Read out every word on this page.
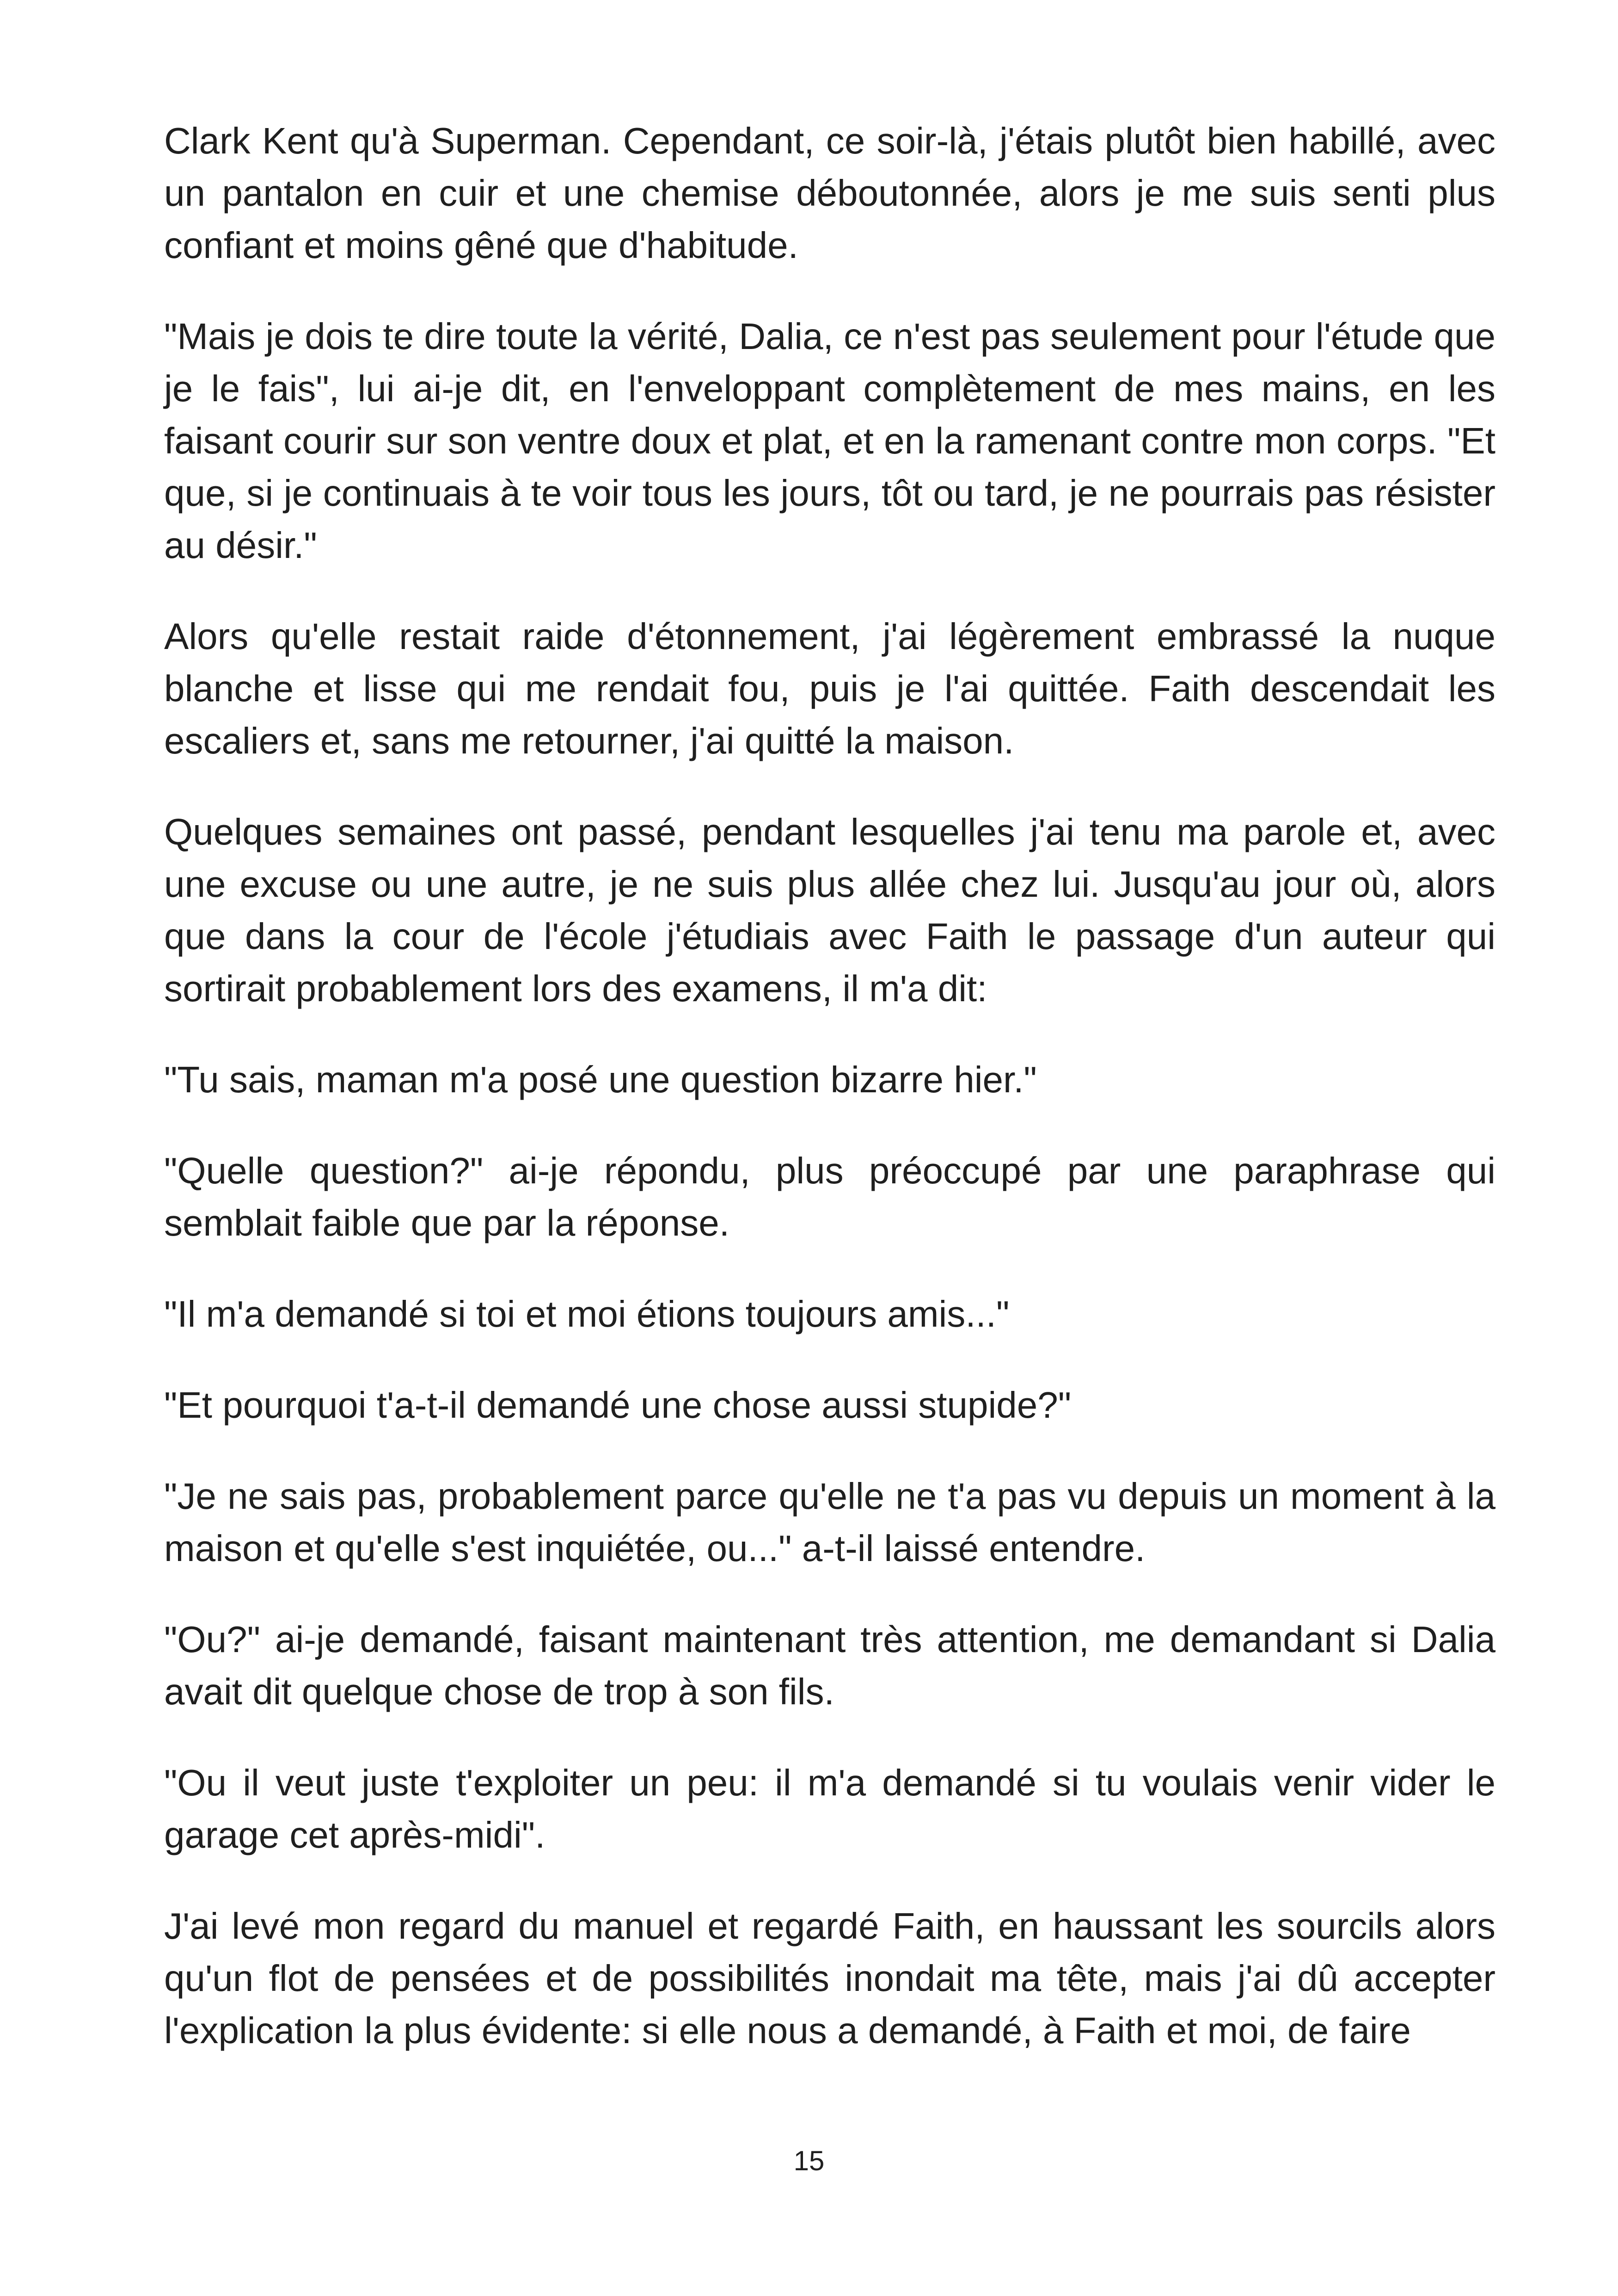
Clark Kent qu'à Superman. Cependant, ce soir-là, j'étais plutôt bien habillé, avec un pantalon en cuir et une chemise déboutonnée, alors je me suis senti plus confiant et moins gêné que d'habitude.

"Mais je dois te dire toute la vérité, Dalia, ce n'est pas seulement pour l'étude que je le fais", lui ai-je dit, en l'enveloppant complètement de mes mains, en les faisant courir sur son ventre doux et plat, et en la ramenant contre mon corps. "Et que, si je continuais à te voir tous les jours, tôt ou tard, je ne pourrais pas résister au désir."

Alors qu'elle restait raide d'étonnement, j'ai légèrement embrassé la nuque blanche et lisse qui me rendait fou, puis je l'ai quittée. Faith descendait les escaliers et, sans me retourner, j'ai quitté la maison.

Quelques semaines ont passé, pendant lesquelles j'ai tenu ma parole et, avec une excuse ou une autre, je ne suis plus allée chez lui. Jusqu'au jour où, alors que dans la cour de l'école j'étudiais avec Faith le passage d'un auteur qui sortirait probablement lors des examens, il m'a dit:

"Tu sais, maman m'a posé une question bizarre hier."

"Quelle question?" ai-je répondu, plus préoccupé par une paraphrase qui semblait faible que par la réponse.

"Il m'a demandé si toi et moi étions toujours amis..."

"Et pourquoi t'a-t-il demandé une chose aussi stupide?"

"Je ne sais pas, probablement parce qu'elle ne t'a pas vu depuis un moment à la maison et qu'elle s'est inquiétée, ou..." a-t-il laissé entendre.

"Ou?" ai-je demandé, faisant maintenant très attention, me demandant si Dalia avait dit quelque chose de trop à son fils.

"Ou il veut juste t'exploiter un peu: il m'a demandé si tu voulais venir vider le garage cet après-midi".

J'ai levé mon regard du manuel et regardé Faith, en haussant les sourcils alors qu'un flot de pensées et de possibilités inondait ma tête, mais j'ai dû accepter l'explication la plus évidente: si elle nous a demandé, à Faith et moi, de faire

15
